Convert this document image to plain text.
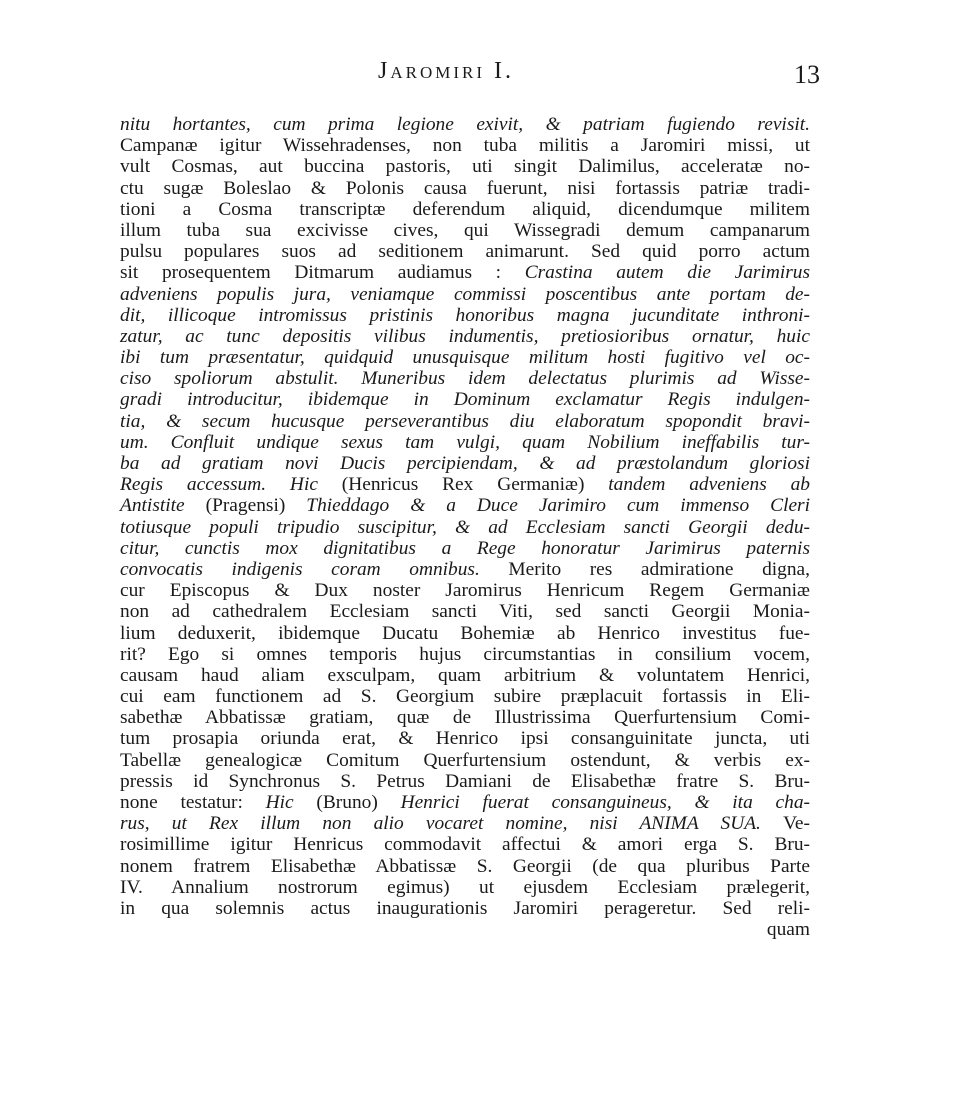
Jaromiri I.	13
nitu hortantes, cum prima legione exivit, & patriam fugiendo revisit.
Campanæ igitur Wissehradenses, non tuba militis a Jaromiri missi, ut
vult Cosmas, aut buccina pastoris, uti singit Dalimilus, acceleratæ no-
ctu sugæ Boleslao & Polonis causa fuerunt, nisi fortassis patriæ tradi-
tioni a Cosma transcriptæ deferendum aliquid, dicendumque militem
illum tuba sua excivisse cives, qui Wissegradi demum campanarum
pulsu populares suos ad seditionem animarunt. Sed quid porro actum
sit prosequentem Ditmarum audiamus : Crastina autem die Jarimirus
adveniens populis jura, veniamque commissi poscentibus ante portam de-
dit, illicoque intromissus pristinis honoribus magna jucunditate inthroni-
zatur, ac tunc depositis vilibus indumentis, pretiosioribus ornatur, huic
ibi tum præsentatur, quidquid unusquisque militum hosti fugitivo vel oc-
ciso spoliorum abstulit. Muneribus idem delectatus plurimis ad Wisse-
gradi introducitur, ibidemque in Dominum exclamatur Regis indulgen-
tia, & secum hucusque perseverantibus diu elaboratum spopondit bravi-
um. Confluit undique sexus tam vulgi, quam Nobilium ineffabilis tur-
ba ad gratiam novi Ducis percipiendam, & ad præstolandum gloriosi
Regis accessum. Hic (Henricus Rex Germaniæ) tandem adveniens ab
Antistite (Pragensi) Thieddago & a Duce Jarimiro cum immenso Cleri
totiusque populi tripudio suscipitur, & ad Ecclesiam sancti Georgii dedu-
citur, cunctis mox dignitatibus a Rege honoratur Jarimirus paternis
convocatis indigenis coram omnibus. Merito res admiratione digna,
cur Episcopus & Dux noster Jaromirus Henricum Regem Germaniæ
non ad cathedralem Ecclesiam sancti Viti, sed sancti Georgii Monia-
lium deduxerit, ibidemque Ducatu Bohemiæ ab Henrico investitus fue-
rit? Ego si omnes temporis hujus circumstantias in consilium vocem,
causam haud aliam exsculpam, quam arbitrium & voluntatem Henrici,
cui eam functionem ad S. Georgium subire præplacuit fortassis in Eli-
sabethæ Abbatissæ gratiam, quæ de Illustrissima Querfurtensium Comi-
tum prosapia oriunda erat, & Henrico ipsi consanguinitate juncta, uti
Tabellæ genealogicæ Comitum Querfurtensium ostendunt, & verbis ex-
pressis id Synchronus S. Petrus Damiani de Elisabethæ fratre S. Bru-
none testatur: Hic (Bruno) Henrici fuerat consanguineus, & ita cha-
rus, ut Rex illum non alio vocaret nomine, nisi ANIMA SUA. Ve-
rosimillime igitur Henricus commodavit affectui & amori erga S. Bru-
nonem fratrem Elisabethæ Abbatissæ S. Georgii (de qua pluribus Parte
IV. Annalium nostrorum egimus) ut ejusdem Ecclesiam prælegerit,
in qua solemnis actus inaugurationis Jaromiri perageretur. Sed reli-
quam
